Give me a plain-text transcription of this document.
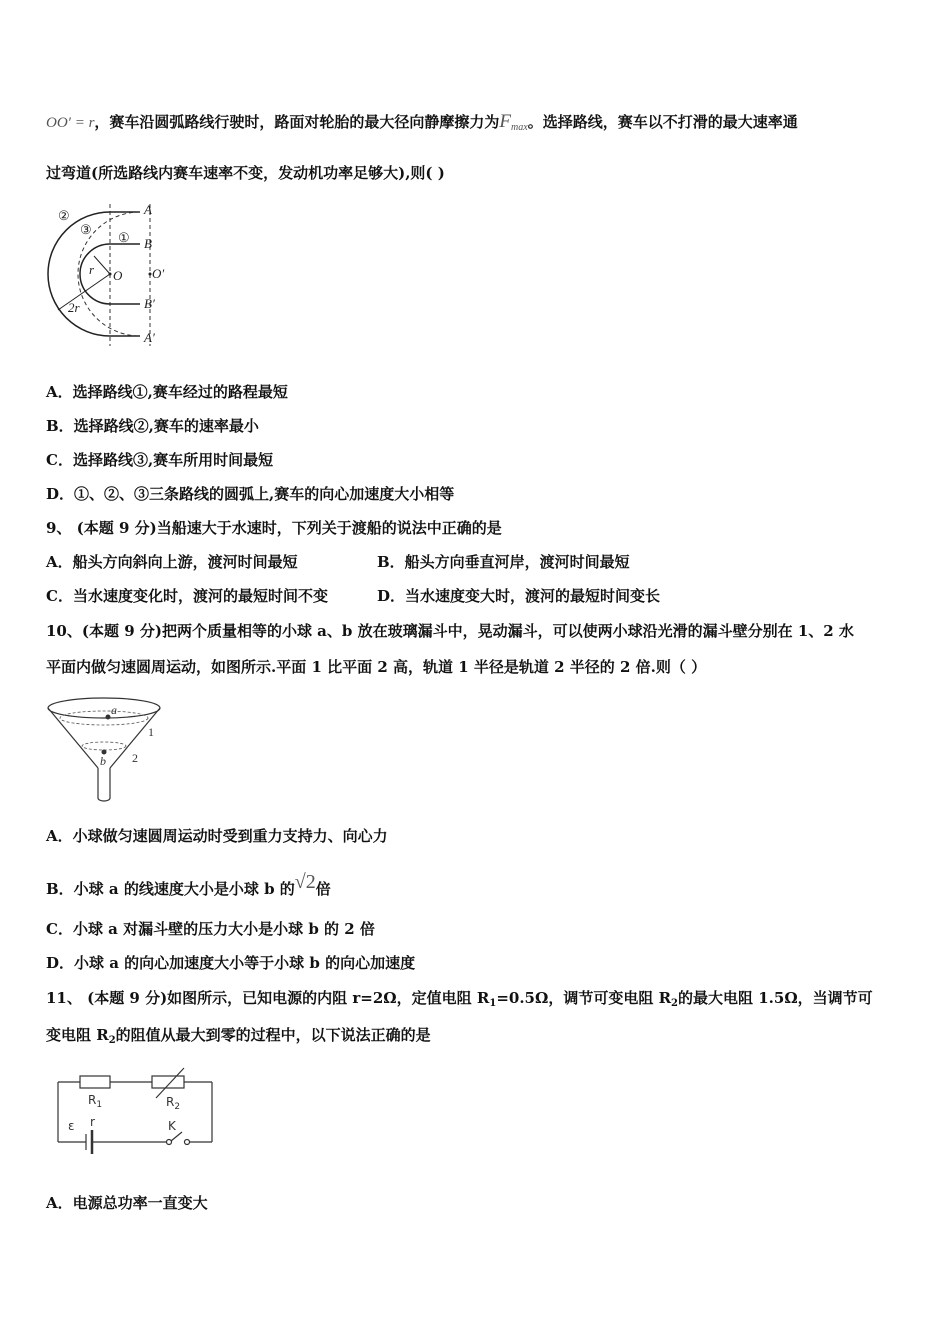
OO′ = r，赛车沿圆弧路线行驶时，路面对轮胎的最大径向静摩擦力为$F_{max}$。选择路线，赛车以不打滑的最大速率通
过弯道(所选路线内赛车速率不变，发动机功率足够大),则( )
②
③
①
A
B
O O′
B′
A′
r
2r
A．选择路线①,赛车经过的路程最短
B．选择路线②,赛车的速率最小
C．选择路线③,赛车所用时间最短
D．①、②、③三条路线的圆弧上,赛车的向心加速度大小相等
9、 (本题 9 分)当船速大于水速时，下列关于渡船的说法中正确的是
A．船头方向斜向上游，渡河时间最短	B．船头方向垂直河岸，渡河时间最短
C．当水速度变化时，渡河的最短时间不变	D．当水速度变大时，渡河的最短时间变长
10、(本题 9 分)把两个质量相等的小球 a、b 放在玻璃漏斗中，晃动漏斗，可以使两小球沿光滑的漏斗壁分别在 1、2 水
平面内做匀速圆周运动，如图所示.平面 1 比平面 2 高，轨道 1 半径是轨道 2 半径的 2 倍.则（ ）
a
b
1
2
A．小球做匀速圆周运动时受到重力支持力、向心力
B．小球 a 的线速度大小是小球 b 的√2倍
C．小球 a 对漏斗壁的压力大小是小球 b 的 2 倍
D．小球 a 的向心加速度大小等于小球 b 的向心加速度
11、 (本题 9 分)如图所示，已知电源的内阻 r=2Ω，定值电阻 $R_1=0.5\Omega$，调节可变电阻 $R_2$的最大电阻 1.5Ω，当调节可
变电阻 $R_2$的阻值从最大到零的过程中，以下说法正确的是
$R_1$	$R_2$
ε r	K
A．电源总功率一直变大
